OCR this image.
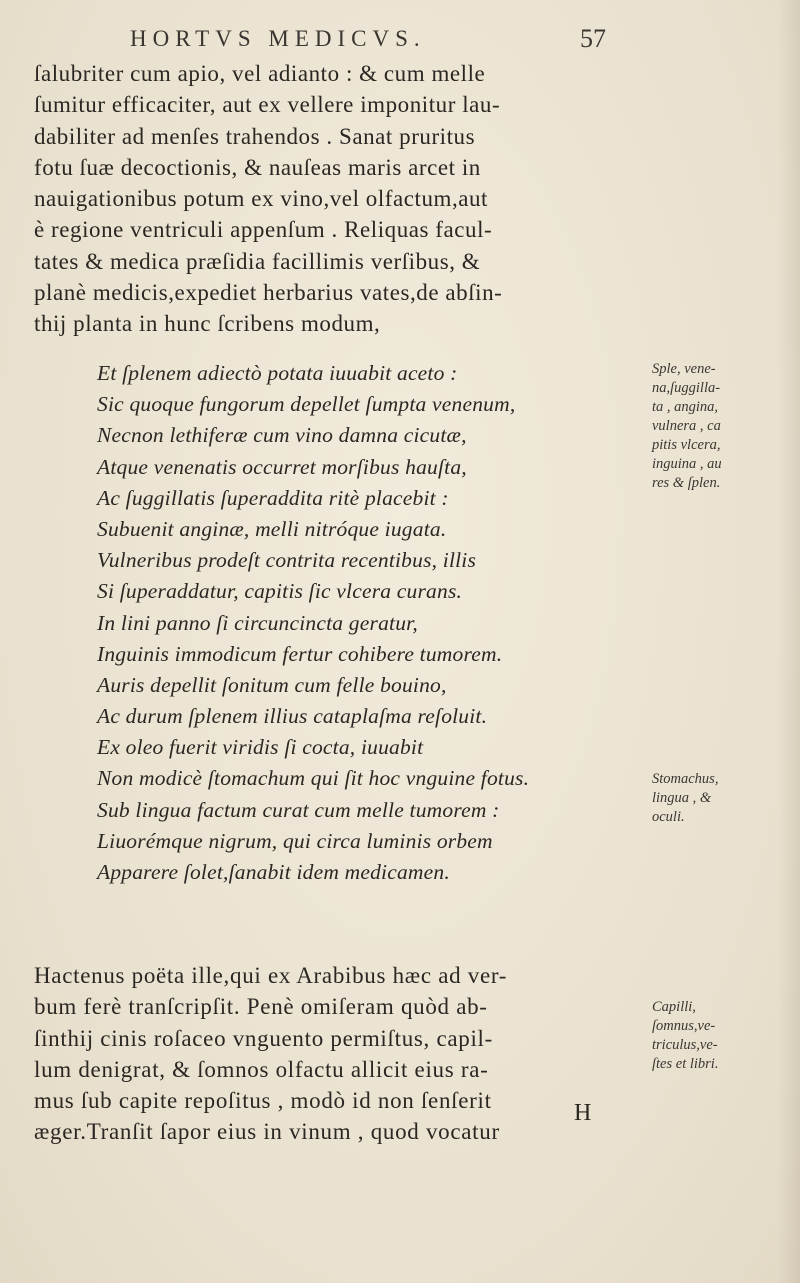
HORTVS MEDICVS.	57
ſalubriter cum apio, vel adianto : & cum melle
ſumitur efficaciter, aut ex vellere imponitur lau-
dabiliter ad menſes trahendos . Sanat pruritus
fotu ſuæ decoctionis, & nauſeas maris arcet in
nauigationibus potum ex vino,vel olfactum,aut
è regione ventriculi appenſum . Reliquas facul-
tates & medica præſidia facillimis verſibus, &
planè medicis,expediet herbarius vates,de abſin-
thij planta in hunc ſcribens modum,
Et ſplenem adiectò potata iuuabit aceto :
Sic quoque fungorum depellet ſumpta venenum,
Necnon lethiferæ cum vino damna cicutæ,
Atque venenatis occurret morſibus hauſta,
Ac ſuggillatis ſuperaddita ritè placebit :
Subuenit anginæ, melli nitróque iugata.
Vulneribus prodeſt contrita recentibus, illis
Si ſuperaddatur, capitis ſic vlcera curans.
In lini panno ſi circuncincta geratur,
Inguinis immodicum fertur cohibere tumorem.
Auris depellit ſonitum cum felle bouino,
Ac durum ſplenem illius cataplaſma reſoluit.
Ex oleo fuerit viridis ſi cocta, iuuabit
Non modicè ſtomachum qui ſit hoc vnguine fotus.
Sub lingua factum curat cum melle tumorem :
Liuorémque nigrum, qui circa luminis orbem
Apparere ſolet,ſanabit idem medicamen.
Hactenus poëta ille,qui ex Arabibus hæc ad ver-
bum ferè tranſcripſit. Penè omiſeram quòd ab-
ſinthij cinis roſaceo vnguento permiſtus, capil-
lum denigrat, & ſomnos olfactu allicit eius ra-
mus ſub capite repoſitus , modò id non ſenſerit
æger.Tranſit ſapor eius in vinum , quod vocatur
H
Sple, vene-
na,ſuggilla-
ta , angina,
vulnera , ca
pitis vlcera,
inguina , au
res & ſplen.
Stomachus,
lingua , &
oculi.
Capilli,
ſomnus,ve-
triculus,ve-
ſtes et libri.
